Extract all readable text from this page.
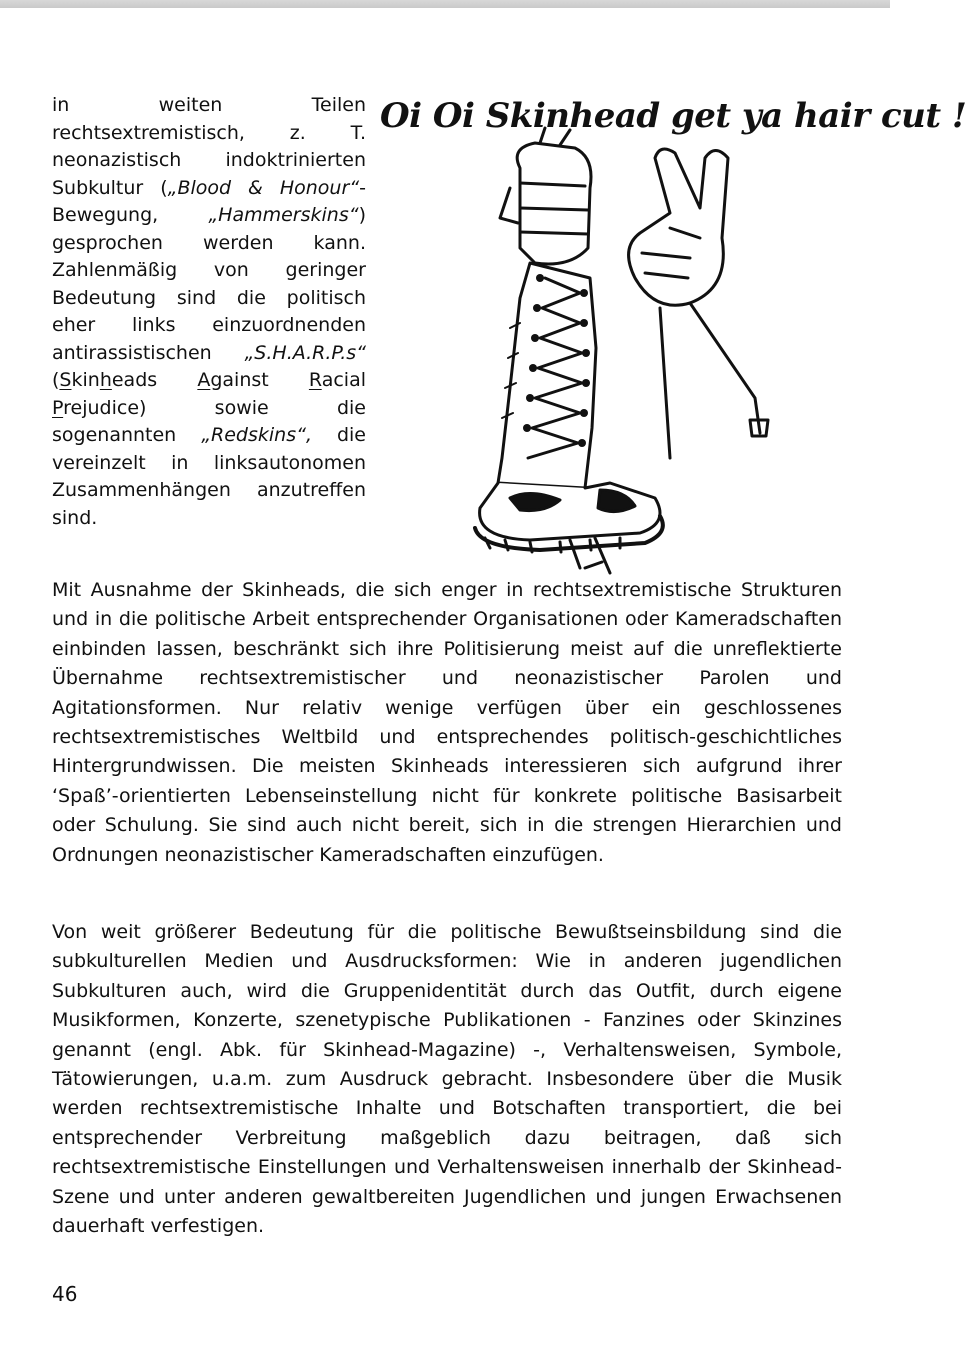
in weiten Teilen rechtsextremistisch, z. T. neonazistisch indoktrinierten Subkultur („Blood & Honour“-Bewegung, „Hammerskins“) gesprochen werden kann. Zahlenmäßig von geringer Bedeutung sind die politisch eher links einzuordnenden antirassistischen „S.H.A.R.P.s“ (Skinheads Against Racial Prejudice) sowie die sogenannten „Redskins“, die vereinzelt in linksautonomen Zusammenhängen anzutreffen sind.

Oi Oi Skinhead get ya hair cut !

Mit Ausnahme der Skinheads, die sich enger in rechtsextremistische Strukturen und in die politische Arbeit entsprechender Organisationen oder Kameradschaften einbinden lassen, beschränkt sich ihre Politisierung meist auf die unreflektierte Übernahme rechtsextremistischer und neonazistischer Parolen und Agitationsformen. Nur relativ wenige verfügen über ein geschlossenes rechtsextremistisches Weltbild und entsprechendes politisch-geschichtliches Hintergrundwissen. Die meisten Skinheads interessieren sich aufgrund ihrer ‘Spaß’-orientierten Lebenseinstellung nicht für konkrete politische Basisarbeit oder Schulung. Sie sind auch nicht bereit, sich in die strengen Hierarchien und Ordnungen neonazistischer Kameradschaften einzufügen.

Von weit größerer Bedeutung für die politische Bewußtseinsbildung sind die subkulturellen Medien und Ausdrucksformen: Wie in anderen jugendlichen Subkulturen auch, wird die Gruppenidentität durch das Outfit, durch eigene Musikformen, Konzerte, szenetypische Publikationen - Fanzines oder Skinzines genannt (engl. Abk. für Skinhead-Magazine) -, Verhaltensweisen, Symbole, Tätowierungen, u.a.m. zum Ausdruck gebracht. Insbesondere über die Musik werden rechtsextremistische Inhalte und Botschaften transportiert, die bei entsprechender Verbreitung maßgeblich dazu beitragen, daß sich rechtsextremistische Einstellungen und Verhaltensweisen innerhalb der Skinhead-Szene und unter anderen gewaltbereiten Jugendlichen und jungen Erwachsenen dauerhaft verfestigen.

46
